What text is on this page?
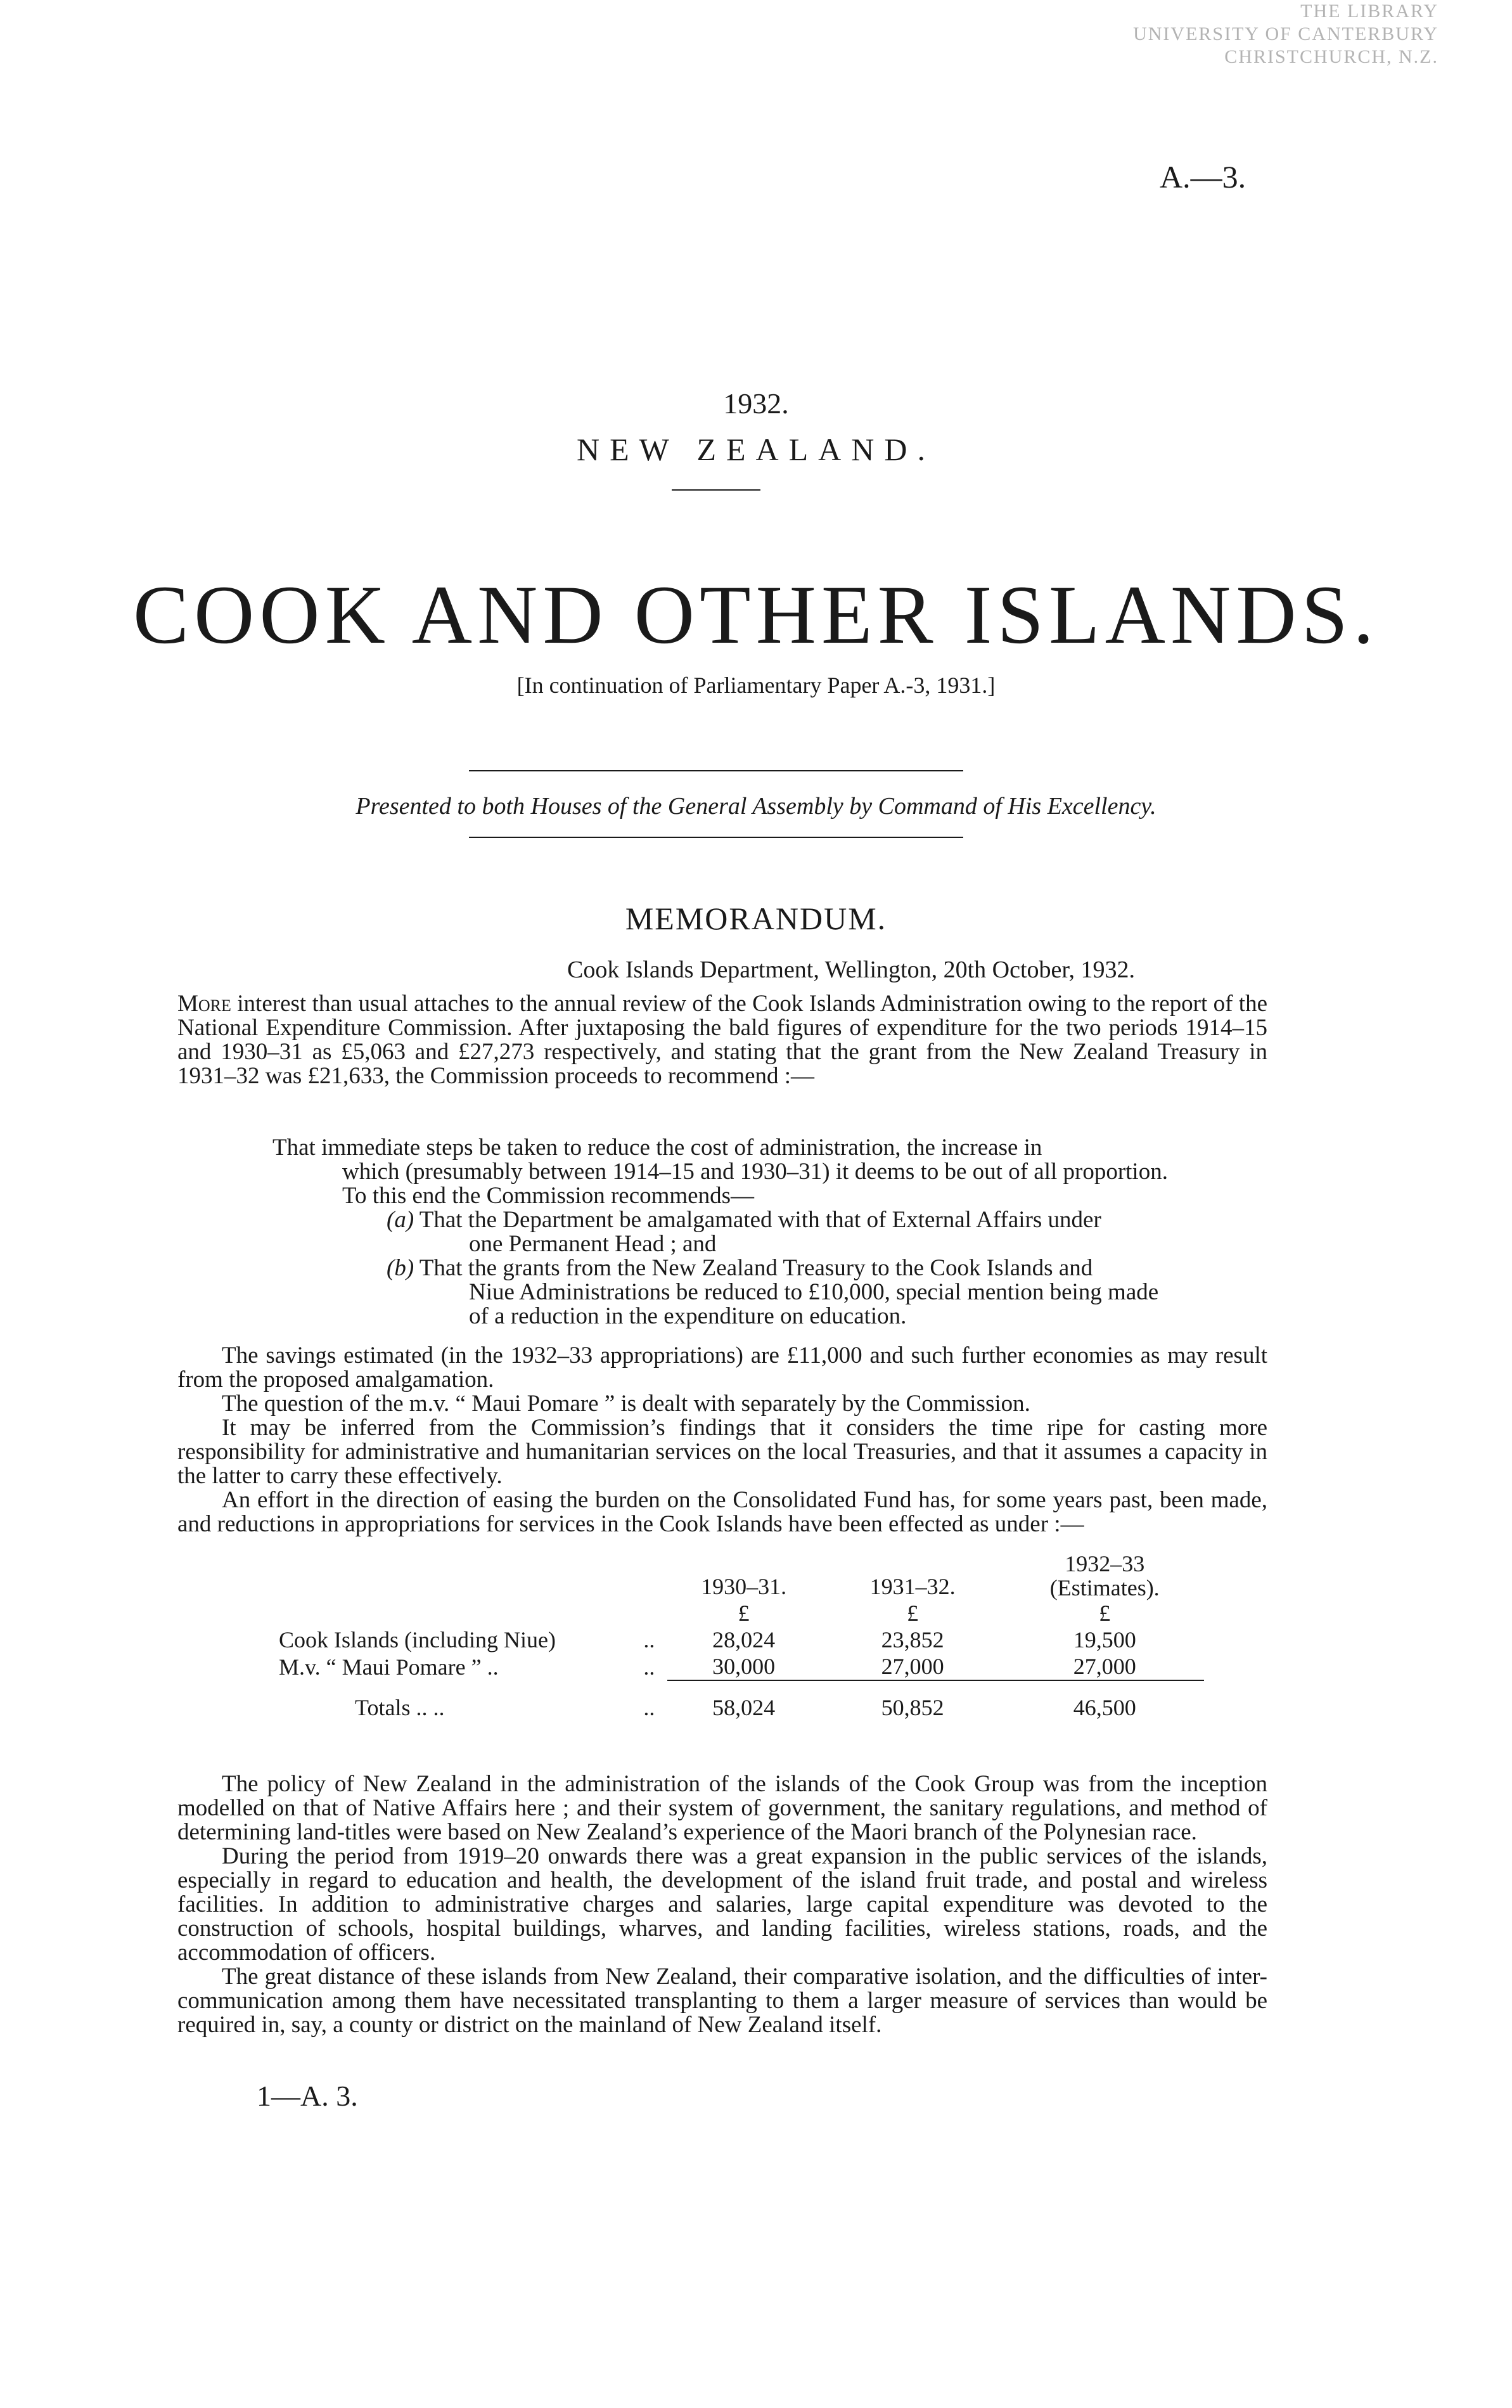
THE LIBRARY
UNIVERSITY OF CANTERBURY
CHRISTCHURCH, N.Z.
A.—3.
1932.
NEW ZEALAND.
COOK AND OTHER ISLANDS.
[In continuation of Parliamentary Paper A.-3, 1931.]
Presented to both Houses of the General Assembly by Command of His Excellency.
MEMORANDUM.
Cook Islands Department, Wellington, 20th October, 1932.

More interest than usual attaches to the annual review of the Cook Islands Administration owing to the report of the National Expenditure Commission. After juxtaposing the bald figures of expenditure for the two periods 1914–15 and 1930–31 as £5,063 and £27,273 respectively, and stating that the grant from the New Zealand Treasury in 1931–32 was £21,633, the Commission proceeds to recommend :—

That immediate steps be taken to reduce the cost of administration, the increase in
which (presumably between 1914–15 and 1930–31) it deems to be out of all proportion.
To this end the Commission recommends—
(a) That the Department be amalgamated with that of External Affairs under
one Permanent Head ; and
(b) That the grants from the New Zealand Treasury to the Cook Islands and
Niue Administrations be reduced to £10,000, special mention being made
of a reduction in the expenditure on education.

The savings estimated (in the 1932–33 appropriations) are £11,000 and such further economies as may result from the proposed amalgamation.

The question of the m.v. “ Maui Pomare ” is dealt with separately by the Commission.

It may be inferred from the Commission’s findings that it considers the time ripe for casting more responsibility for administrative and humanitarian services on the local Treasuries, and that it assumes a capacity in the latter to carry these effectively.

An effort in the direction of easing the burden on the Consolidated Fund has, for some years past, been made, and reductions in appropriations for services in the Cook Islands have been effected as under :—

	1930–31.	1931–32.	1932–33
(Estimates).

	£	£	£
Cook Islands (including Niue) ..	28,024	23,852	19,500
M.v. “ Maui Pomare ” .. ..	30,000	27,000	27,000
Totals .. .. ..	58,024	50,852	46,500

The policy of New Zealand in the administration of the islands of the Cook Group was from the inception modelled on that of Native Affairs here ; and their system of government, the sanitary regulations, and method of determining land-titles were based on New Zealand’s experience of the Maori branch of the Polynesian race.

During the period from 1919–20 onwards there was a great expansion in the public services of the islands, especially in regard to education and health, the development of the island fruit trade, and postal and wireless facilities. In addition to administrative charges and salaries, large capital expenditure was devoted to the construction of schools, hospital buildings, wharves, and landing facilities, wireless stations, roads, and the accommodation of officers.

The great distance of these islands from New Zealand, their comparative isolation, and the difficulties of inter-communication among them have necessitated transplanting to them a larger measure of services than would be required in, say, a county or district on the mainland of New Zealand itself.

1—A. 3.
